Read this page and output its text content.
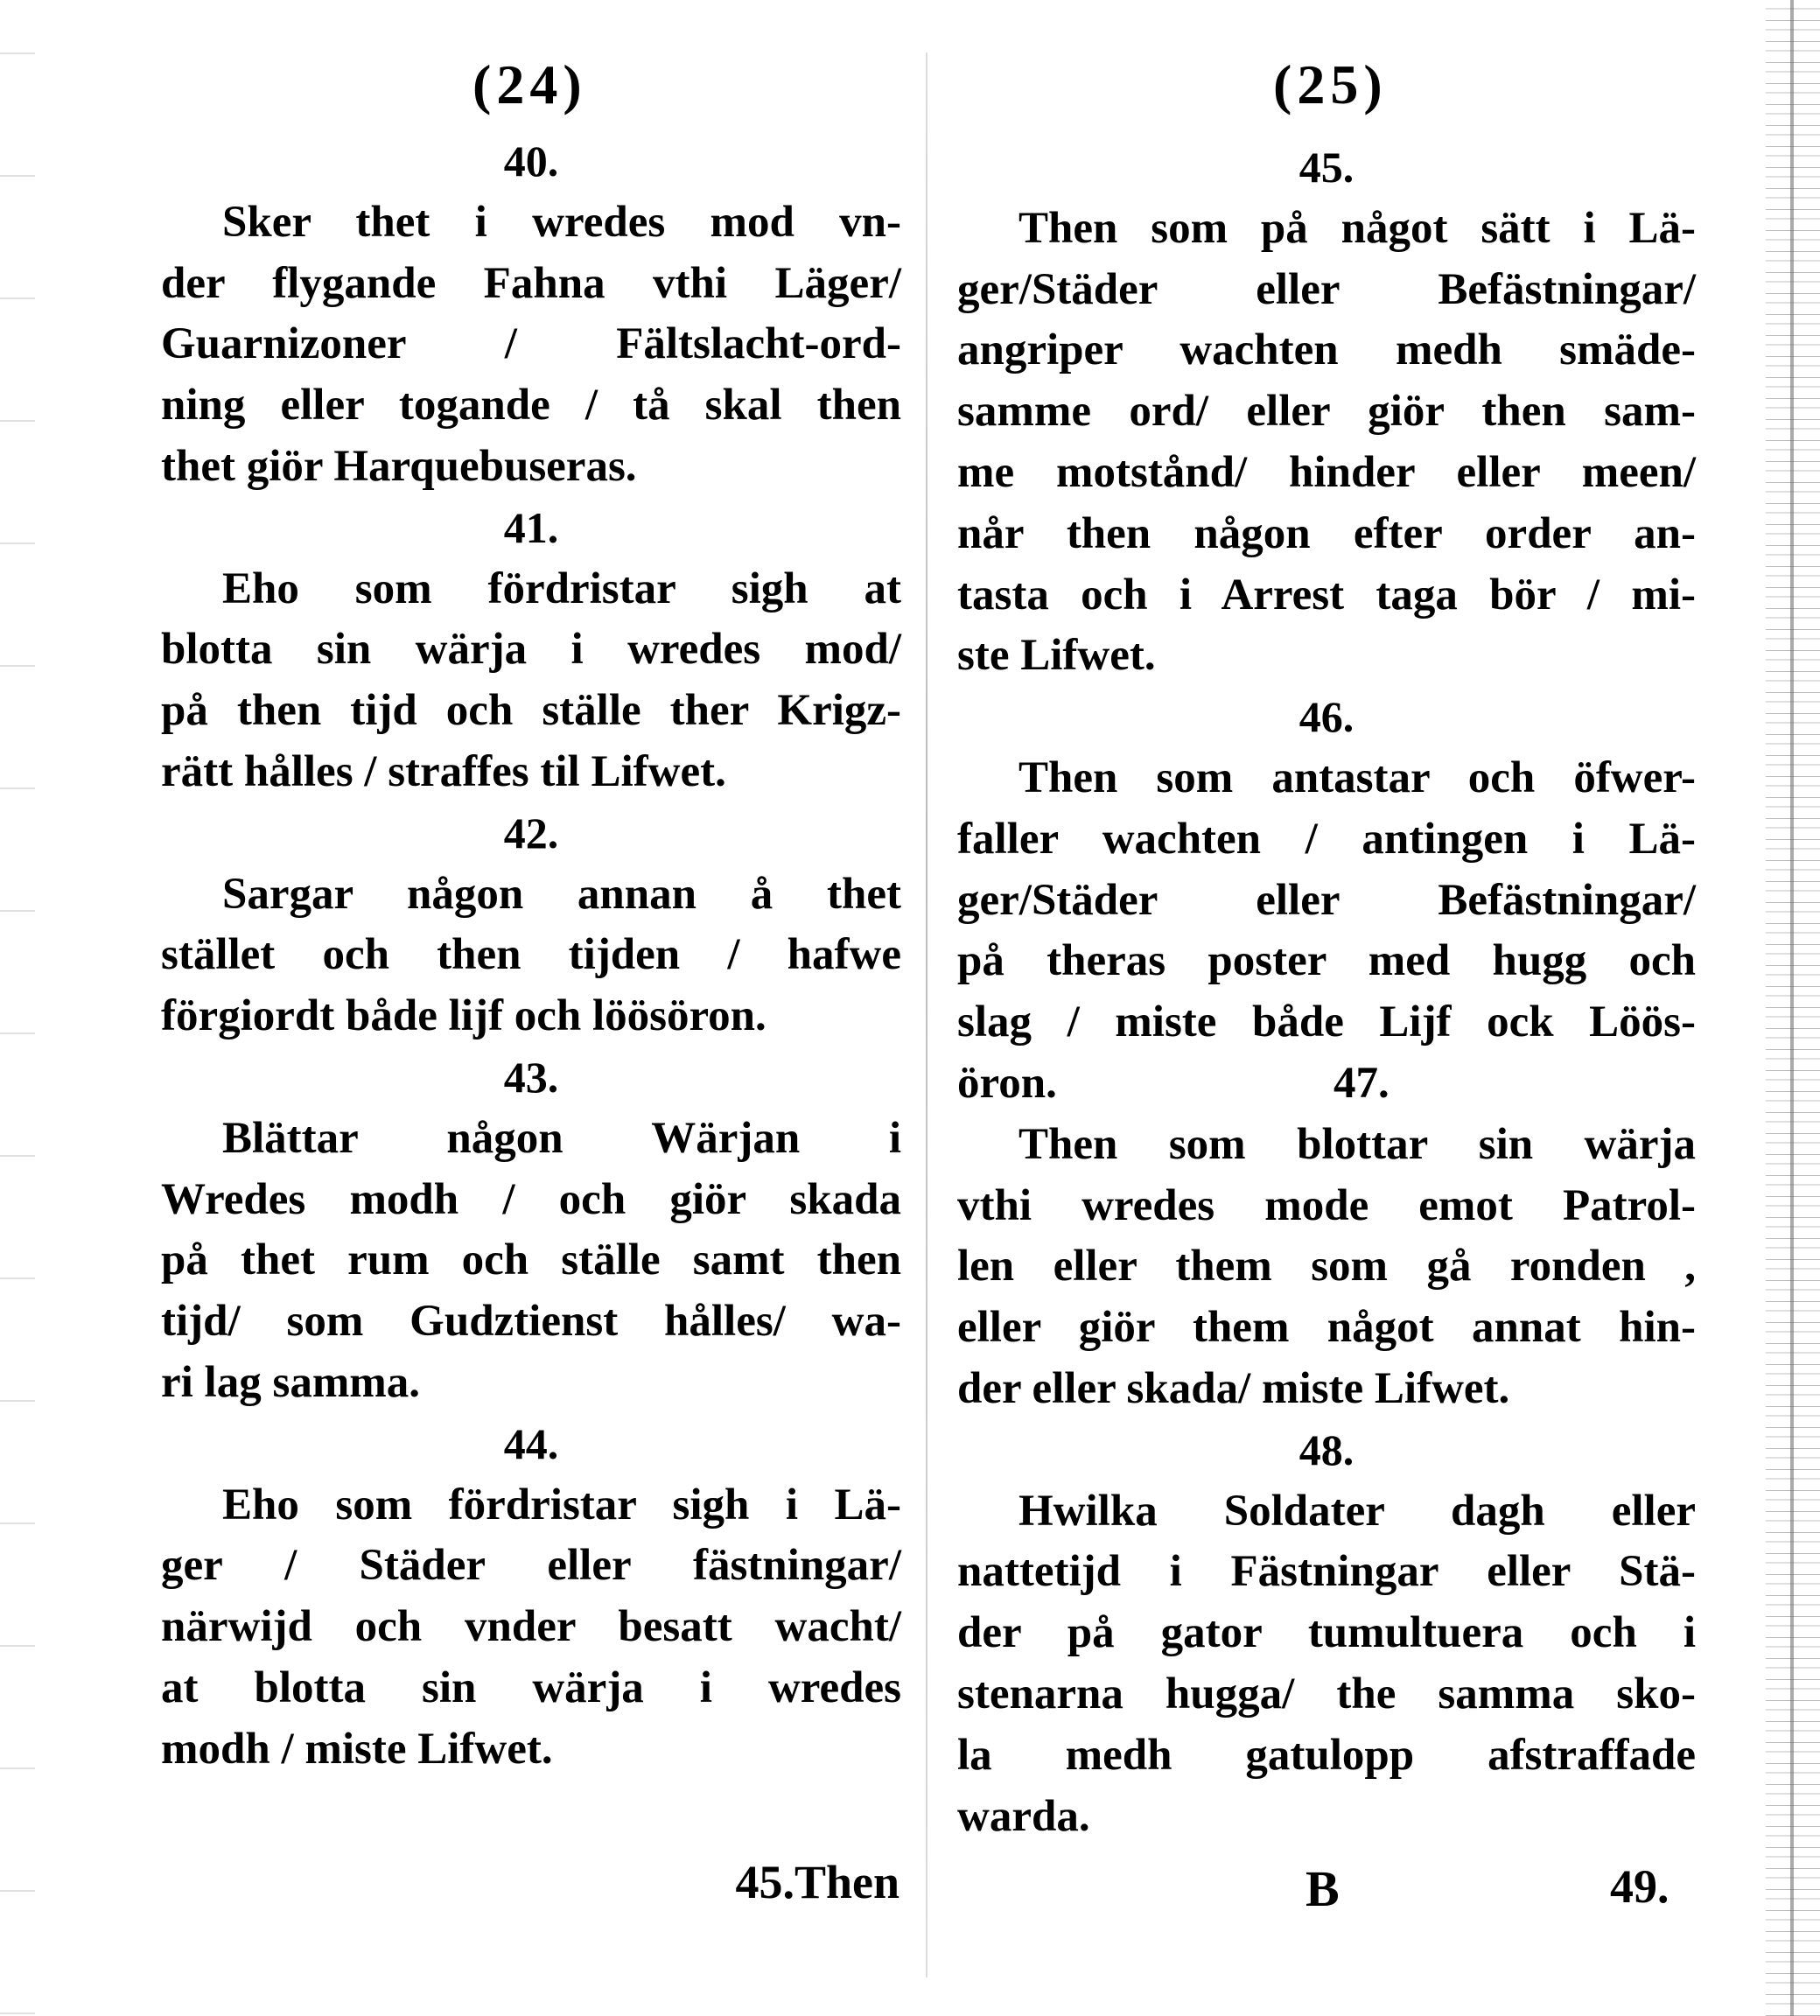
(24)	(25)
40.
Sker thet i wredes mod vn-
der flygande Fahna vthi Läger/
Guarnizoner / Fältslacht-ord-
ning eller togande / tå skal then
thet giör Harquebuseras.
41.
Eho som fördristar sigh at
blotta sin wärja i wredes mod/
på then tijd och ställe ther Krigz-
rätt hålles / straffes til Lifwet.
42.
Sargar någon annan å thet
stället och then tijden / hafwe
förgiordt både lijf och löösöron.
43.
Blättar någon Wärjan i
Wredes modh / och giör skada
på thet rum och ställe samt then
tijd/ som Gudztienst hålles/ wa-
ri lag samma.
44.
Eho som fördristar sigh i Lä-
ger / Städer eller fästningar/
närwijd och vnder besatt wacht/
at blotta sin wärja i wredes
modh / miste Lifwet.
45.
Then som på något sätt i Lä-
ger/Städer eller Befästningar/
angriper wachten medh smäde-
samme ord/ eller giör then sam-
me motstånd/ hinder eller meen/
når then någon efter order an-
tasta och i Arrest taga bör / mi-
ste Lifwet.
46.
Then som antastar och öfwer-
faller wachten / antingen i Lä-
ger/Städer eller Befästningar/
på theras poster med hugg och
slag / miste både Lijf ock Löös-
öron.	47.
Then som blottar sin wärja
vthi wredes mode emot Patrol-
len eller them som gå ronden ,
eller giör them något annat hin-
der eller skada/ miste Lifwet.
48.
Hwilka Soldater dagh eller
nattetijd i Fästningar eller Stä-
der på gator tumultuera och i
stenarna hugga/ the samma sko-
la medh gatulopp afstraffade
warda.
45.Then	B	49.
